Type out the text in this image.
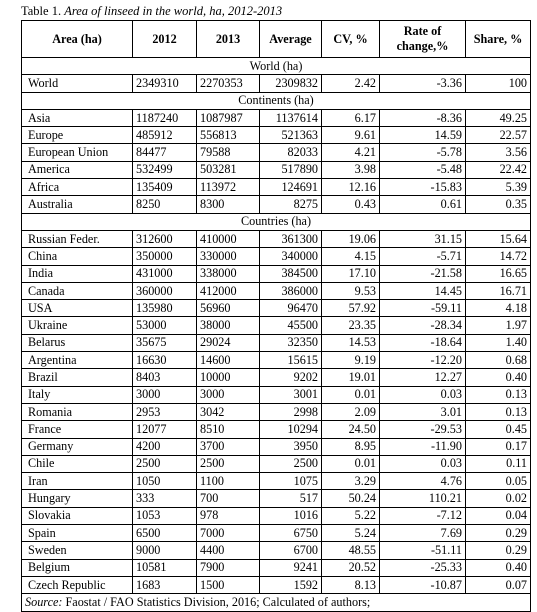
Table 1. Area of linseed in the world, ha, 2012-2013
Area (ha)	2012	2013	Average	CV, %	Rate of change,%	Share, %
World (ha)						
World	2349310	2270353	2309832	2.42	-3.36	100
Continents (ha)						
Asia	1187240	1087987	1137614	6.17	-8.36	49.25
Europe	485912	556813	521363	9.61	14.59	22.57
European Union	84477	79588	82033	4.21	-5.78	3.56
America	532499	503281	517890	3.98	-5.48	22.42
Africa	135409	113972	124691	12.16	-15.83	5.39
Australia	8250	8300	8275	0.43	0.61	0.35
Countries (ha)						
Russian Feder.	312600	410000	361300	19.06	31.15	15.64
China	350000	330000	340000	4.15	-5.71	14.72
India	431000	338000	384500	17.10	-21.58	16.65
Canada	360000	412000	386000	9.53	14.45	16.71
USA	135980	56960	96470	57.92	-59.11	4.18
Ukraine	53000	38000	45500	23.35	-28.34	1.97
Belarus	35675	29024	32350	14.53	-18.64	1.40
Argentina	16630	14600	15615	9.19	-12.20	0.68
Brazil	8403	10000	9202	19.01	12.27	0.40
Italy	3000	3000	3001	0.01	0.03	0.13
Romania	2953	3042	2998	2.09	3.01	0.13
France	12077	8510	10294	24.50	-29.53	0.45
Germany	4200	3700	3950	8.95	-11.90	0.17
Chile	2500	2500	2500	0.01	0.03	0.11
Iran	1050	1100	1075	3.29	4.76	0.05
Hungary	333	700	517	50.24	110.21	0.02
Slovakia	1053	978	1016	5.22	-7.12	0.04
Spain	6500	7000	6750	5.24	7.69	0.29
Sweden	9000	4400	6700	48.55	-51.11	0.29
Belgium	10581	7900	9241	20.52	-25.33	0.40
Czech Republic	1683	1500	1592	8.13	-10.87	0.07
Source: Faostat / FAO Statistics Division, 2016; Calculated of authors;						
